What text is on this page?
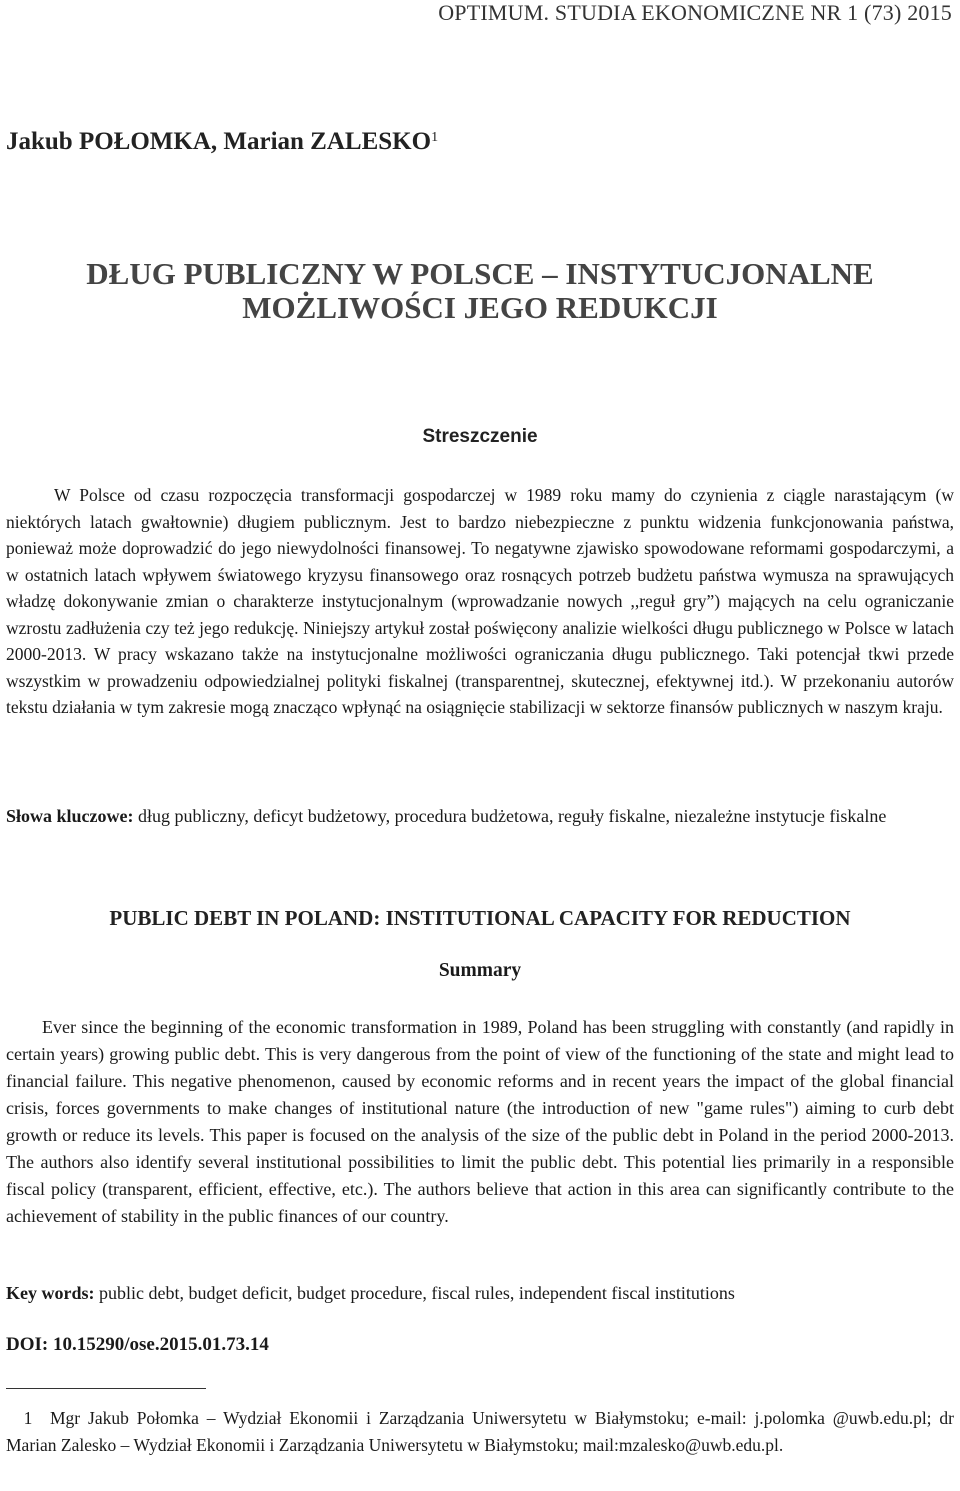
OPTIMUM. STUDIA EKONOMICZNE NR 1 (73) 2015
Jakub POŁOMKA, Marian ZALESKO$^1$
DŁUG PUBLICZNY W POLSCE – INSTYTUCJONALNE
MOŻLIWOŚCI JEGO REDUKCJI
Streszczenie
W Polsce od czasu rozpoczęcia transformacji gospodarczej w 1989 roku mamy do czynienia z ciągle narastającym (w niektórych latach gwałtownie) długiem publicznym. Jest to bardzo niebezpieczne z punktu widzenia funkcjonowania państwa, ponieważ może doprowadzić do jego niewydolności finansowej. To negatywne zjawisko spowodowane reformami gospodarczymi, a w ostatnich latach wpływem światowego kryzysu finansowego oraz rosnących potrzeb budżetu państwa wymusza na sprawujących władzę dokonywanie zmian o charakterze instytucjonalnym (wprowadzanie nowych ,,reguł gry”) mających na celu ograniczanie wzrostu zadłużenia czy też jego redukcję. Niniejszy artykuł został poświęcony analizie wielkości długu publicznego w Polsce w latach 2000-2013. W pracy wskazano także na instytucjonalne możliwości ograniczania długu publicznego. Taki potencjał tkwi przede wszystkim w prowadzeniu odpowiedzialnej polityki fiskalnej (transparentnej, skutecznej, efektywnej itd.). W przekonaniu autorów tekstu działania w tym zakresie mogą znacząco wpłynąć na osiągnięcie stabilizacji w sektorze finansów publicznych w naszym kraju.
Słowa kluczowe: dług publiczny, deficyt budżetowy, procedura budżetowa, reguły fiskalne, niezależne instytucje fiskalne
PUBLIC DEBT IN POLAND: INSTITUTIONAL CAPACITY FOR REDUCTION
Summary
Ever since the beginning of the economic transformation in 1989, Poland has been struggling with constantly (and rapidly in certain years) growing public debt. This is very dangerous from the point of view of the functioning of the state and might lead to financial failure. This negative phenomenon, caused by economic reforms and in recent years the impact of the global financial crisis, forces governments to make changes of institutional nature (the introduction of new "game rules") aiming to curb debt growth or reduce its levels. This paper is focused on the analysis of the size of the public debt in Poland in the period 2000-2013. The authors also identify several institutional possibilities to limit the public debt. This potential lies primarily in a responsible fiscal policy (transparent, efficient, effective, etc.). The authors believe that action in this area can significantly contribute to the achievement of stability in the public finances of our country.
Key words: public debt, budget deficit, budget procedure, fiscal rules, independent fiscal institutions
DOI: 10.15290/ose.2015.01.73.14
1 Mgr Jakub Połomka – Wydział Ekonomii i Zarządzania Uniwersytetu w Białymstoku; e-mail: j.polomka @uwb.edu.pl; dr Marian Zalesko – Wydział Ekonomii i Zarządzania Uniwersytetu w Białymstoku; mail:mzalesko@uwb.edu.pl.
